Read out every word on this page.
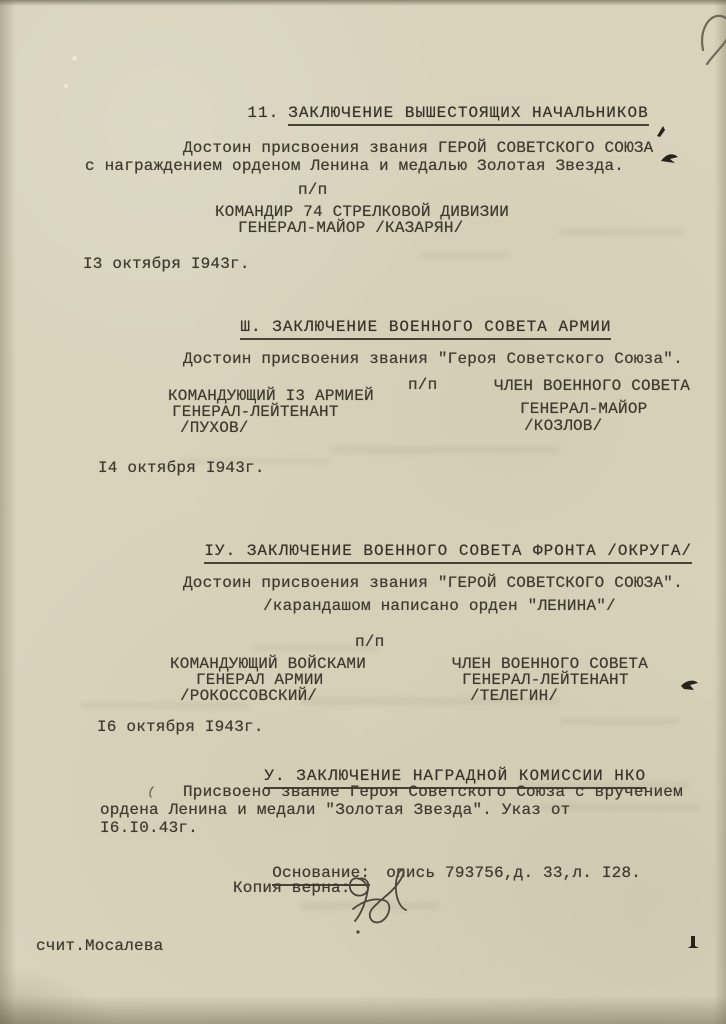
11. ЗАКЛЮЧЕНИЕ ВЫШЕСТОЯЩИХ НАЧАЛЬНИКОВ

Достоин присвоения звания ГЕРОЙ СОВЕТСКОГО СОЮЗА
с награждением орденом Ленина и медалью Золотая Звезда.
п/п
КОМАНДИР 74 СТРЕЛКОВОЙ ДИВИЗИИ
ГЕНЕРАЛ-МАЙОР /КАЗАРЯН/
I3 октября I943г.

Ш. ЗАКЛЮЧЕНИЕ ВОЕННОГО СОВЕТА АРМИИ

Достоин присвоения звания "Героя Советского Союза".
п/п
КОМАНДУЮЩИЙ I3 АРМИЕЙ
ГЕНЕРАЛ-ЛЕЙТЕНАНТ
/ПУХОВ/
ЧЛЕН ВОЕННОГО СОВЕТА
ГЕНЕРАЛ-МАЙОР
/КОЗЛОВ/
I4 октября I943г.

IУ. ЗАКЛЮЧЕНИЕ ВОЕННОГО СОВЕТА ФРОНТА /ОКРУГА/

Достоин присвоения звания "ГЕРОЙ СОВЕТСКОГО СОЮЗА".
/карандашом написано орден "ЛЕНИНА"/
п/п
КОМАНДУЮЩИЙ ВОЙСКАМИ
ГЕНЕРАЛ АРМИИ
/РОКОССОВСКИЙ/
ЧЛЕН ВОЕННОГО СОВЕТА
ГЕНЕРАЛ-ЛЕЙТЕНАНТ
/ТЕЛЕГИН/
I6 октября I943г.

У. ЗАКЛЮЧЕНИЕ НАГРАДНОЙ КОМИССИИ НКО

Присвоено звание Героя Советского Союза с вручением
ордена Ленина и медали "Золотая Звезда". Указ от
I6.I0.43г.

Основание: опись 793756,д. 33,л. I28.

Копия верна:
счит.Мосалева
